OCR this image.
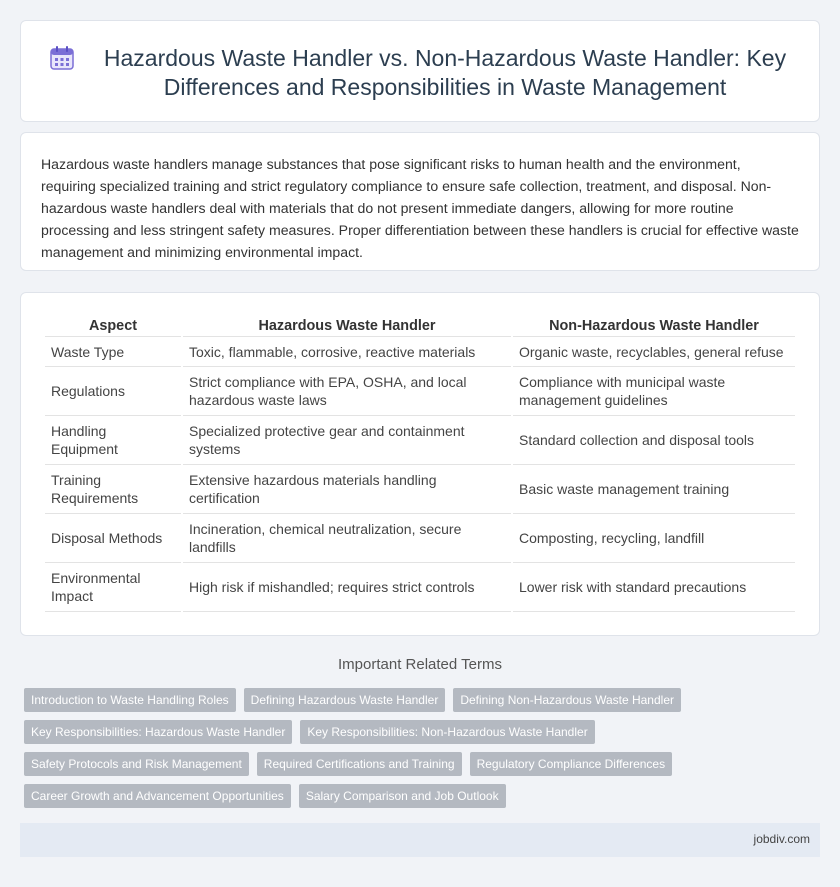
Hazardous Waste Handler vs. Non-Hazardous Waste Handler: Key Differences and Responsibilities in Waste Management

Hazardous waste handlers manage substances that pose significant risks to human health and the environment, requiring specialized training and strict regulatory compliance to ensure safe collection, treatment, and disposal. Non-hazardous waste handlers deal with materials that do not present immediate dangers, allowing for more routine processing and less stringent safety measures. Proper differentiation between these handlers is crucial for effective waste management and minimizing environmental impact.

Aspect	Hazardous Waste Handler	Non-Hazardous Waste Handler
Waste Type	Toxic, flammable, corrosive, reactive materials	Organic waste, recyclables, general refuse
Regulations	Strict compliance with EPA, OSHA, and local hazardous waste laws	Compliance with municipal waste management guidelines
Handling Equipment	Specialized protective gear and containment systems	Standard collection and disposal tools
Training Requirements	Extensive hazardous materials handling certification	Basic waste management training
Disposal Methods	Incineration, chemical neutralization, secure landfills	Composting, recycling, landfill
Environmental Impact	High risk if mishandled; requires strict controls	Lower risk with standard precautions
Important Related Terms
Introduction to Waste Handling Roles	Defining Hazardous Waste Handler	Defining Non-Hazardous Waste Handler
Key Responsibilities: Hazardous Waste Handler	Key Responsibilities: Non-Hazardous Waste Handler
Safety Protocols and Risk Management	Required Certifications and Training	Regulatory Compliance Differences
Career Growth and Advancement Opportunities	Salary Comparison and Job Outlook
jobdiv.com
